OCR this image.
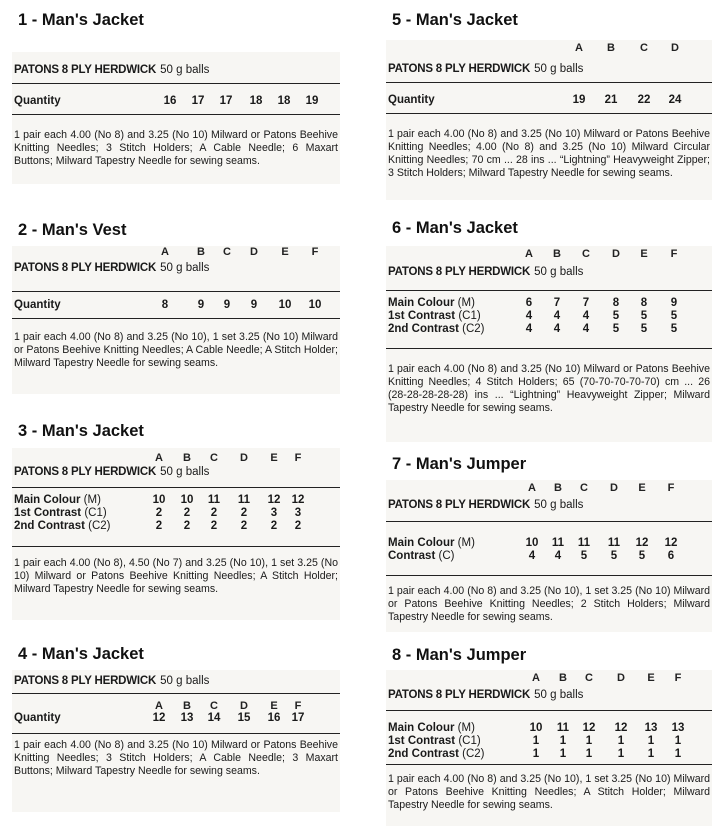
1 - Man's Jacket
PATONS 8 PLY HERDWICK 50 g balls
Quantity	16	17	17	18	18	19

1 pair each 4.00 (No 8) and 3.25 (No 10) Milward or Patons Beehive Knitting Needles; 3 Stitch Holders; A Cable Needle; 6 Maxart Buttons; Milward Tapestry Needle for sewing seams.

2 - Man's Vest
A	B	C	D	E	F
PATONS 8 PLY HERDWICK 50 g balls
Quantity	8	9	9	9	10	10

1 pair each 4.00 (No 8) and 3.25 (No 10), 1 set 3.25 (No 10) Milward or Patons Beehive Knitting Needles; A Cable Needle; A Stitch Holder; Milward Tapestry Needle for sewing seams.

3 - Man's Jacket
A	B	C	D	E	F
PATONS 8 PLY HERDWICK 50 g balls
Main Colour (M)	10	10	11	11	12 12
1st Contrast (C1)	2	2	2	2	3	3
2nd Contrast (C2)	2	2	2	2	2	2

1 pair each 4.00 (No 8), 4.50 (No 7) and 3.25 (No 10), 1 set 3.25 (No 10) Milward or Patons Beehive Knitting Needles; A Stitch Holder; Milward Tapestry Needle for sewing seams.

4 - Man's Jacket
A	B	C	D	E	F
PATONS 8 PLY HERDWICK 50 g balls
Quantity	12	13	14	15	16 17

1 pair each 4.00 (No 8) and 3.25 (No 10) Milward or Patons Beehive Knitting Needles; 3 Stitch Holders; A Cable Needle; 3 Maxart Buttons; Milward Tapestry Needle for sewing seams.

5 - Man's Jacket
A	B	C	D
PATONS 8 PLY HERDWICK 50 g balls
Quantity	19	21	22	24

1 pair each 4.00 (No 8) and 3.25 (No 10) Milward or Patons Beehive Knitting Needles; 4.00 (No 8) and 3.25 (No 10) Milward Circular Knitting Needles; 70 cm ... 28 ins ... “Lightning” Heavyweight Zipper; 3 Stitch Holders; Milward Tapestry Needle for sewing seams.

6 - Man's Jacket
A	B	C	D	E	F
PATONS 8 PLY HERDWICK 50 g balls
Main Colour (M)	6	7	7	8	8	9
1st Contrast (C1)	4	4	4	5	5	5
2nd Contrast (C2)	4	4	4	5	5	5

1 pair each 4.00 (No 8) and 3.25 (No 10) Milward or Patons Beehive Knitting Needles; 4 Stitch Holders; 65 (70-70-70-70-70) cm ... 26 (28-28-28-28-28) ins ... “Lightning” Heavyweight Zipper; Milward Tapestry Needle for sewing seams.

7 - Man's Jumper
A	B	C	D	E	F
PATONS 8 PLY HERDWICK 50 g balls
Main Colour (M)	10	11	11	11	12	12
Contrast (C)	4	4	5	5	5	6

1 pair each 4.00 (No 8) and 3.25 (No 10), 1 set 3.25 (No 10) Milward or Patons Beehive Knitting Needles; 2 Stitch Holders; Milward Tapestry Needle for sewing seams.

8 - Man's Jumper
A	B	C	D	E	F
PATONS 8 PLY HERDWICK 50 g balls
Main Colour (M)	10	11	12	12	13	13
1st Contrast (C1)	1	1	1	1	1	1
2nd Contrast (C2)	1	1	1	1	1	1

1 pair each 4.00 (No 8) and 3.25 (No 10), 1 set 3.25 (No 10) Milward or Patons Beehive Knitting Needles; A Stitch Holder; Milward Tapestry Needle for sewing seams.
